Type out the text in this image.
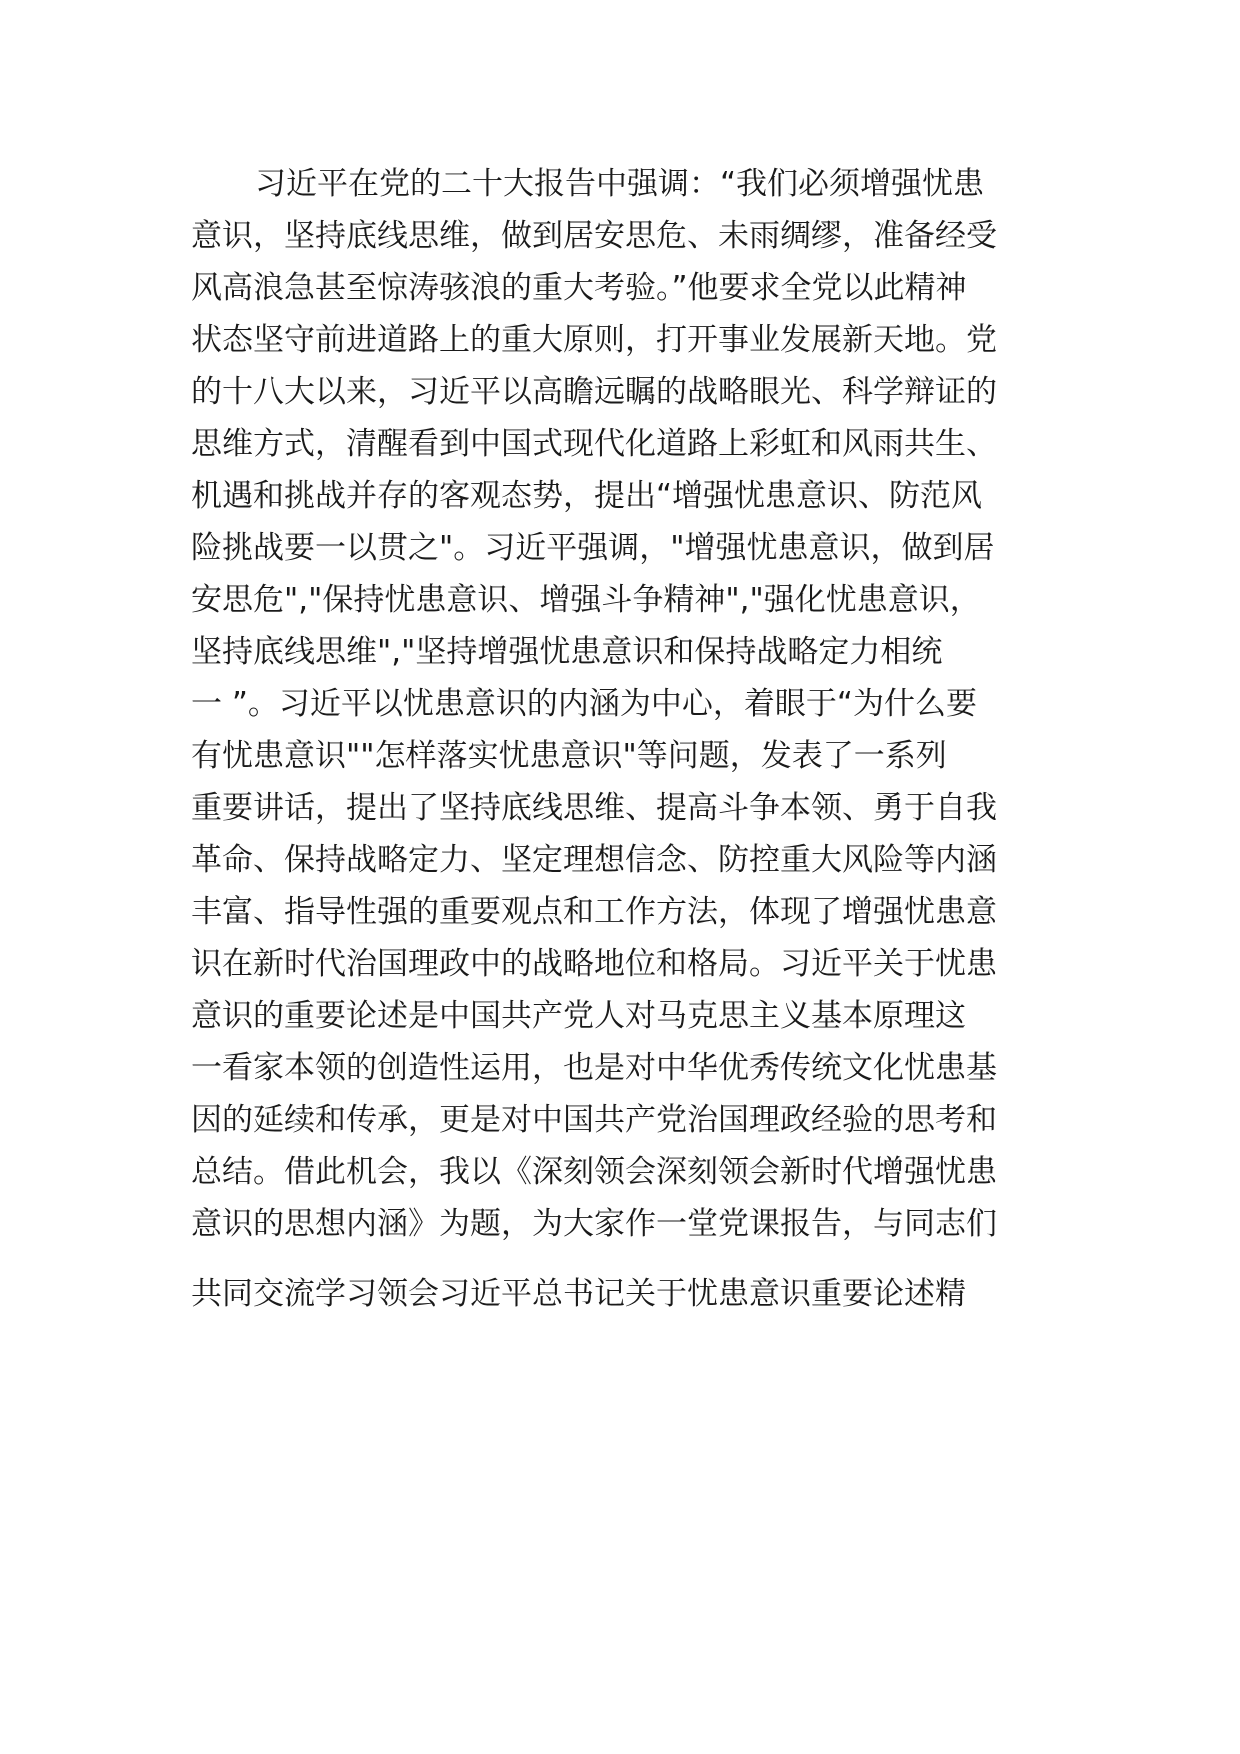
习近平在党的二十大报告中强调：“我们必须增强忧患
意识，坚持底线思维，做到居安思危、未雨绸缪，准备经受
风高浪急甚至惊涛骇浪的重大考验。”他要求全党以此精神
状态坚守前进道路上的重大原则，打开事业发展新天地。党
的十八大以来，习近平以高瞻远瞩的战略眼光、科学辩证的
思维方式，清醒看到中国式现代化道路上彩虹和风雨共生、
机遇和挑战并存的客观态势，提出“增强忧患意识、防范风
险挑战要一以贯之"。习近平强调，"增强忧患意识，做到居
安思危","保持忧患意识、增强斗争精神","强化忧患意识，
坚持底线思维","坚持增强忧患意识和保持战略定力相统
一 ”。习近平以忧患意识的内涵为中心，着眼于“为什么要
有忧患意识""怎样落实忧患意识"等问题，发表了一系列
重要讲话，提出了坚持底线思维、提高斗争本领、勇于自我
革命、保持战略定力、坚定理想信念、防控重大风险等内涵
丰富、指导性强的重要观点和工作方法，体现了增强忧患意
识在新时代治国理政中的战略地位和格局。习近平关于忧患
意识的重要论述是中国共产党人对马克思主义基本原理这
一看家本领的创造性运用，也是对中华优秀传统文化忧患基
因的延续和传承，更是对中国共产党治国理政经验的思考和
总结。借此机会，我以《深刻领会深刻领会新时代增强忧患
意识的思想内涵》为题，为大家作一堂党课报告，与同志们
共同交流学习领会习近平总书记关于忧患意识重要论述精
